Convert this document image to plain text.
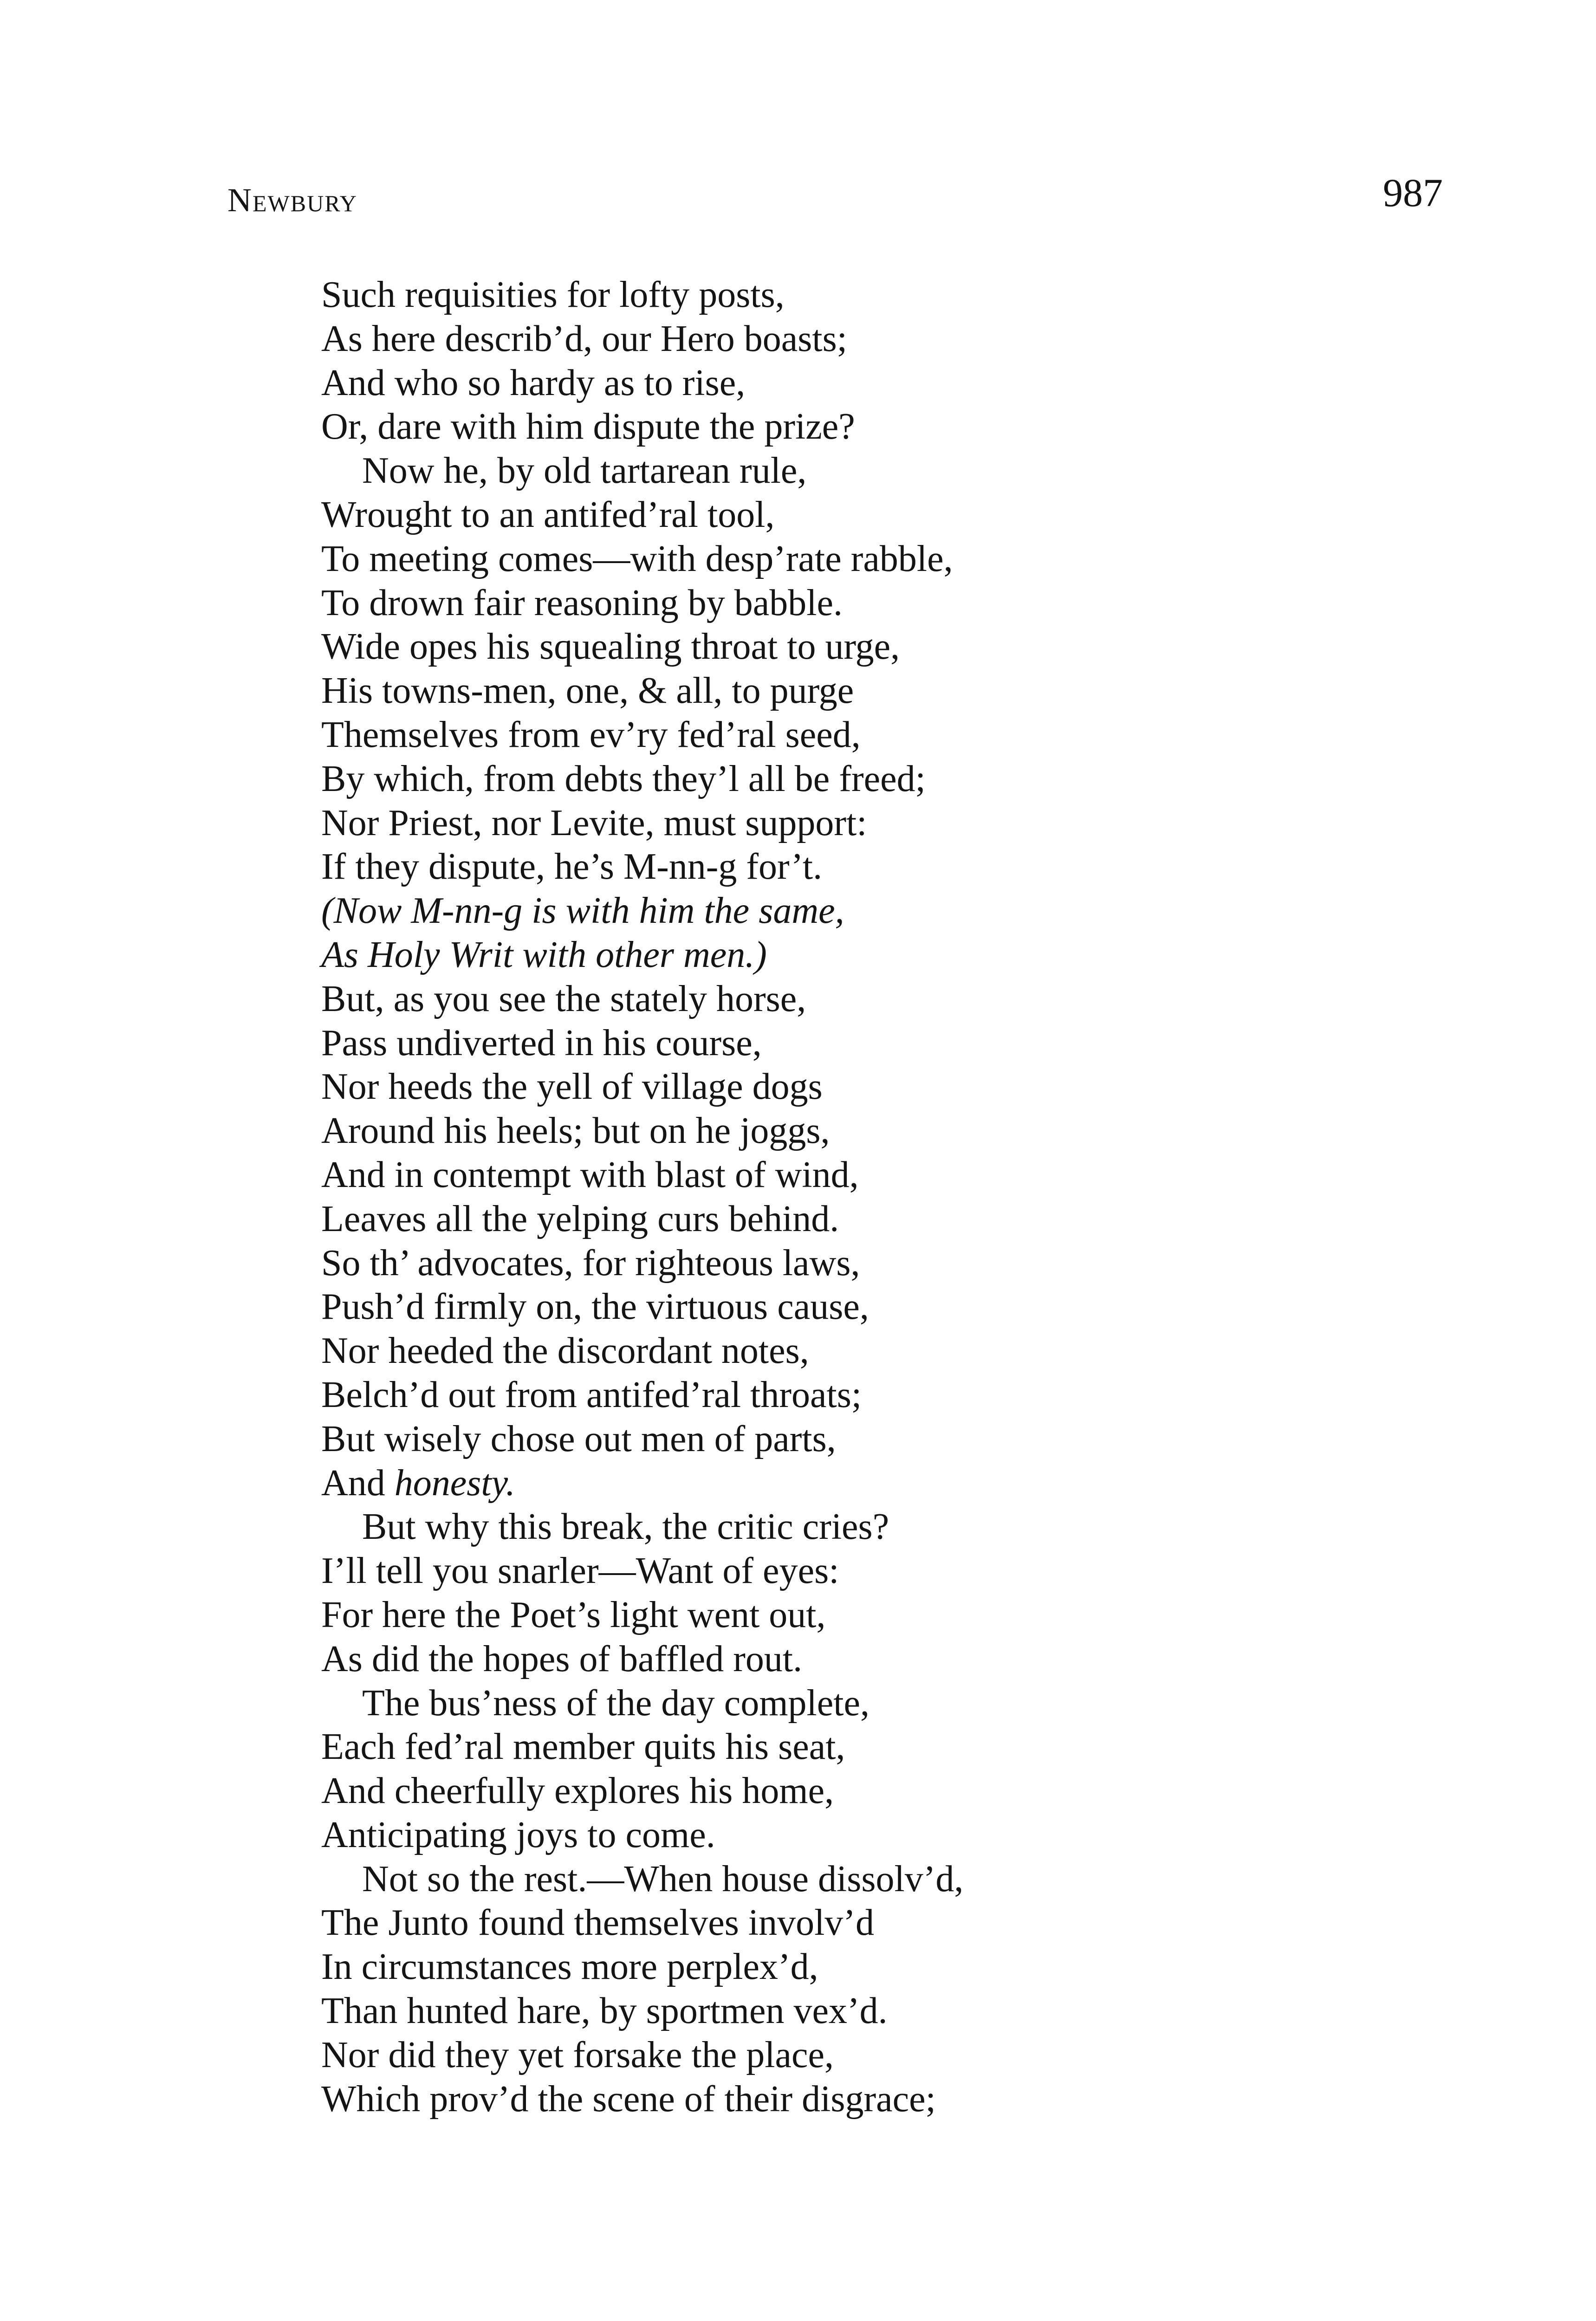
Newbury	987
Such requisities for lofty posts,
As here describ’d, our Hero boasts;
And who so hardy as to rise,
Or, dare with him dispute the prize?
Now he, by old tartarean rule,
Wrought to an antifed’ral tool,
To meeting comes—with desp’rate rabble,
To drown fair reasoning by babble.
Wide opes his squealing throat to urge,
His towns-men, one, & all, to purge
Themselves from ev’ry fed’ral seed,
By which, from debts they’l all be freed;
Nor Priest, nor Levite, must support:
If they dispute, he’s M-nn-g for’t.
(Now M-nn-g is with him the same,
As Holy Writ with other men.)
But, as you see the stately horse,
Pass undiverted in his course,
Nor heeds the yell of village dogs
Around his heels; but on he joggs,
And in contempt with blast of wind,
Leaves all the yelping curs behind.
So th’ advocates, for righteous laws,
Push’d firmly on, the virtuous cause,
Nor heeded the discordant notes,
Belch’d out from antifed’ral throats;
But wisely chose out men of parts,
And honesty.
But why this break, the critic cries?
I’ll tell you snarler—Want of eyes:
For here the Poet’s light went out,
As did the hopes of baffled rout.
The bus’ness of the day complete,
Each fed’ral member quits his seat,
And cheerfully explores his home,
Anticipating joys to come.
Not so the rest.—When house dissolv’d,
The Junto found themselves involv’d
In circumstances more perplex’d,
Than hunted hare, by sportmen vex’d.
Nor did they yet forsake the place,
Which prov’d the scene of their disgrace;
